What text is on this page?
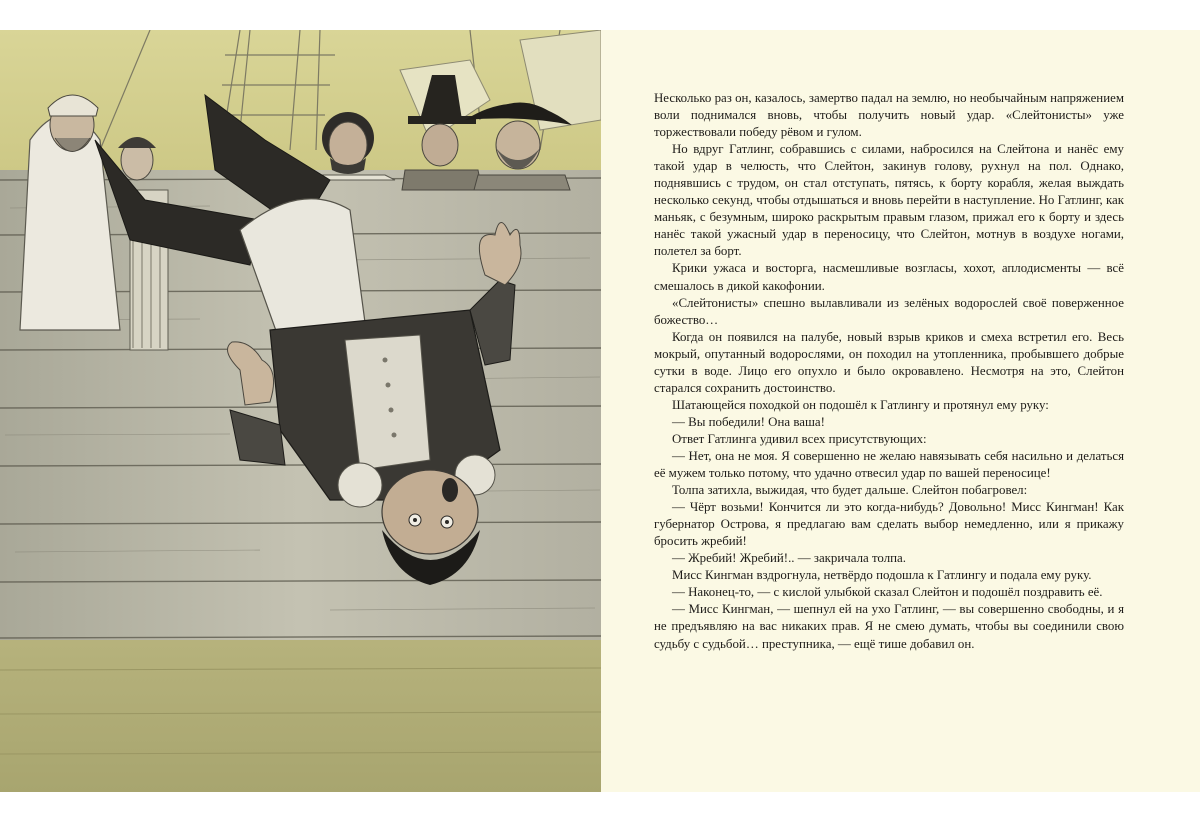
Несколько раз он, казалось, замертво падал на землю, но необычайным напряжением воли поднимался вновь, чтобы получить новый удар. «Слейтонисты» уже торжествовали победу рёвом и гулом.

Но вдруг Гатлинг, собравшись с силами, набросился на Слейтона и нанёс ему такой удар в челюсть, что Слейтон, закинув голову, рухнул на пол. Однако, поднявшись с трудом, он стал отступать, пятясь, к борту корабля, желая выждать несколько секунд, чтобы отдышаться и вновь перейти в наступление. Но Гатлинг, как маньяк, с безумным, широко раскрытым правым глазом, прижал его к борту и здесь нанёс такой ужасный удар в переносицу, что Слейтон, мотнув в воздухе ногами, полетел за борт.

Крики ужаса и восторга, насмешливые возгласы, хохот, аплодисменты — всё смешалось в дикой какофонии.

«Слейтонисты» спешно вылавливали из зелёных водорослей своё поверженное божество…

Когда он появился на палубе, новый взрыв криков и смеха встретил его. Весь мокрый, опутанный водорослями, он походил на утопленника, пробывшего добрые сутки в воде. Лицо его опухло и было окровавлено. Несмотря на это, Слейтон старался сохранить достоинство.

Шатающейся походкой он подошёл к Гатлингу и протянул ему руку:

— Вы победили! Она ваша!

Ответ Гатлинга удивил всех присутствующих:

— Нет, она не моя. Я совершенно не желаю навязывать себя насильно и делаться её мужем только потому, что удачно отвесил удар по вашей переносице!

Толпа затихла, выжидая, что будет дальше. Слейтон побагровел:

— Чёрт возьми! Кончится ли это когда-нибудь? Довольно! Мисс Кингман! Как губернатор Острова, я предлагаю вам сделать выбор немедленно, или я прикажу бросить жребий!

— Жребий! Жребий!.. — закричала толпа.

Мисс Кингман вздрогнула, нетвёрдо подошла к Гатлингу и подала ему руку.

— Наконец-то, — с кислой улыбкой сказал Слейтон и подошёл поздравить её.

— Мисс Кингман, — шепнул ей на ухо Гатлинг, — вы совершенно свободны, и я не предъявляю на вас никаких прав. Я не смею думать, чтобы вы соединили свою судьбу с судьбой… преступника, — ещё тише добавил он.
